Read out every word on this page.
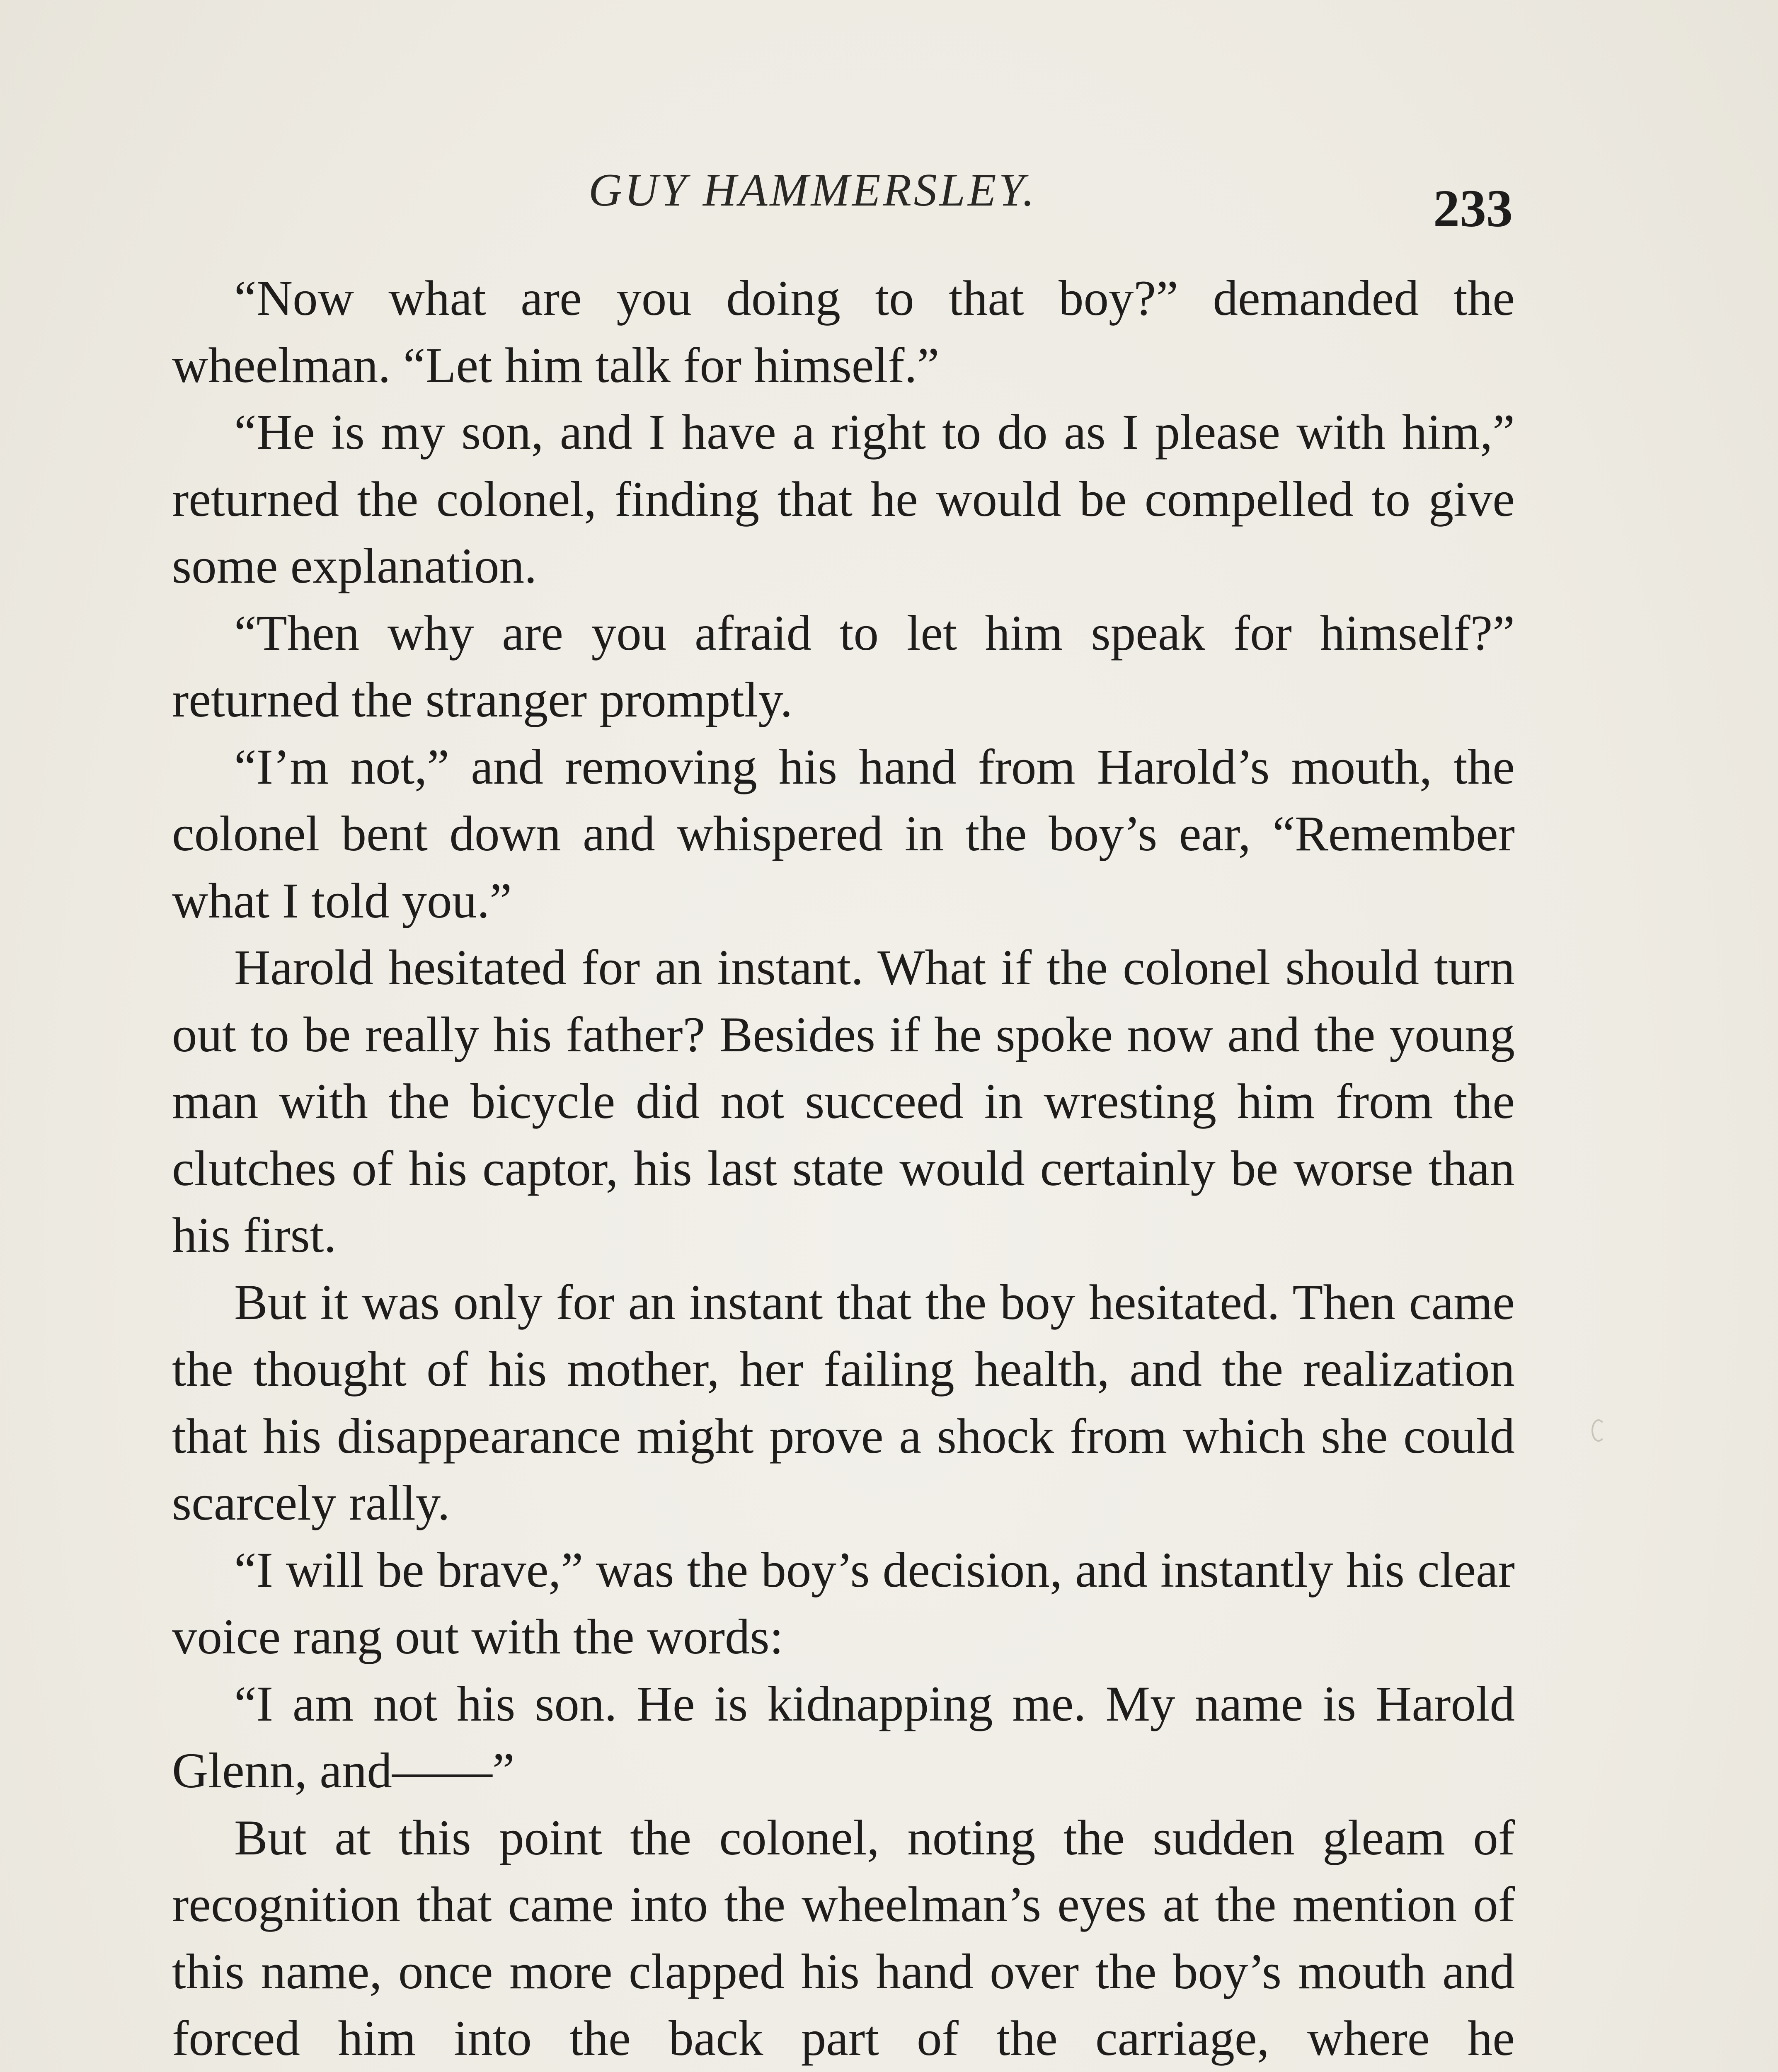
GUY HAMMERSLEY.	233

“Now what are you doing to that boy?” demanded the wheelman. “Let him talk for himself.”

“He is my son, and I have a right to do as I please with him,” returned the colonel, finding that he would be compelled to give some explanation.

“Then why are you afraid to let him speak for himself?” returned the stranger promptly.

“I’m not,” and removing his hand from Harold’s mouth, the colonel bent down and whispered in the boy’s ear, “Remember what I told you.”

Harold hesitated for an instant. What if the colonel should turn out to be really his father? Besides if he spoke now and the young man with the bicycle did not succeed in wresting him from the clutches of his captor, his last state would certainly be worse than his first.

But it was only for an instant that the boy hesitated. Then came the thought of his mother, her failing health, and the realization that his disappearance might prove a shock from which she could scarcely rally.

“I will be brave,” was the boy’s decision, and instantly his clear voice rang out with the words:

“I am not his son. He is kidnapping me. My name is Harold Glenn, and——”

But at this point the colonel, noting the sudden gleam of recognition that came into the wheelman’s eyes at the mention of this name, once more clapped his hand over the boy’s mouth and forced him into the back part of the carriage, where he
